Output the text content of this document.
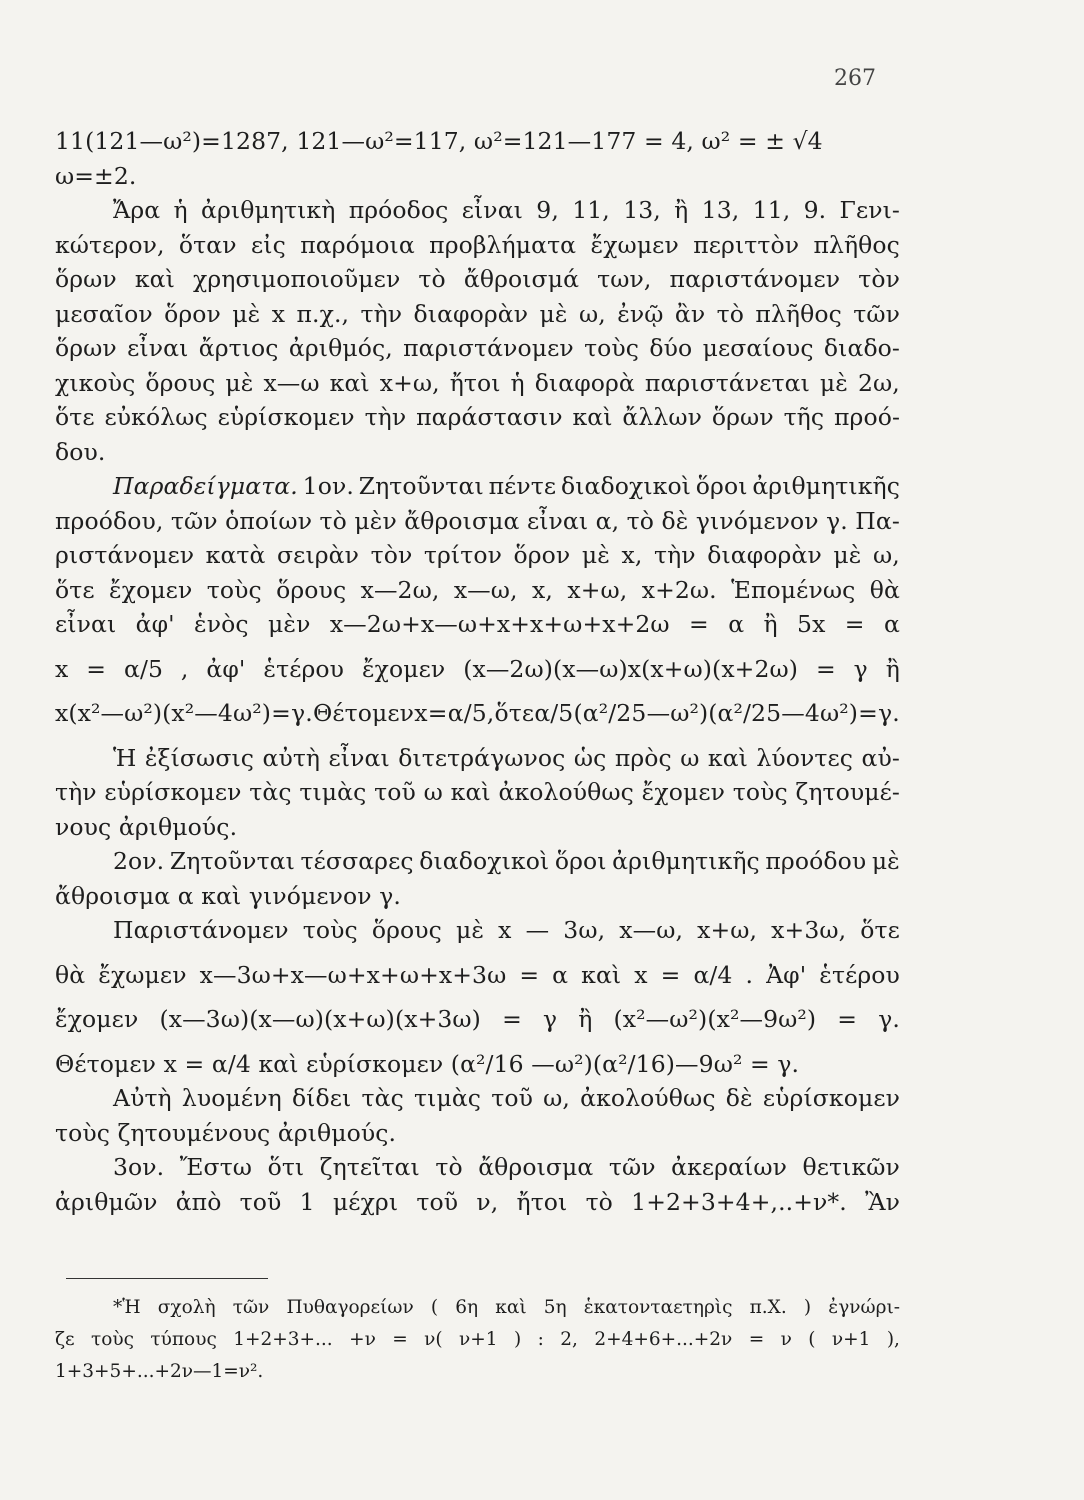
267
11(121—ω²)=1287, 121—ω²=117, ω²=121—177 = 4, ω² = ± √4
ω=±2.
Ἄρα ἡ ἀριθμητικὴ πρόοδος εἶναι 9, 11, 13, ἢ 13, 11, 9. Γενι-
κώτερον, ὅταν εἰς παρόμοια προβλήματα ἔχωμεν περιττὸν πλῆθος
ὅρων καὶ χρησιμοποιοῦμεν τὸ ἄθροισμά των, παριστάνομεν τὸν
μεσαῖον ὅρον μὲ x π.χ., τὴν διαφορὰν μὲ ω, ἐνῷ ἂν τὸ πλῆθος τῶν
ὅρων εἶναι ἄρτιος ἀριθμός, παριστάνομεν τοὺς δύο μεσαίους διαδο-
χικοὺς ὅρους μὲ x—ω καὶ x+ω, ἤτοι ἡ διαφορὰ παριστάνεται μὲ 2ω,
ὅτε εὐκόλως εὑρίσκομεν τὴν παράστασιν καὶ ἄλλων ὅρων τῆς προό-
δου.
Παραδείγματα. 1ον. Ζητοῦνται πέντε διαδοχικοὶ ὅροι ἀριθμητικῆς
προόδου, τῶν ὁποίων τὸ μὲν ἄθροισμα εἶναι α, τὸ δὲ γινόμενον γ. Πα-
ριστάνομεν κατὰ σειρὰν τὸν τρίτον ὅρον μὲ x, τὴν διαφορὰν μὲ ω,
ὅτε ἔχομεν τοὺς ὅρους x—2ω, x—ω, x, x+ω, x+2ω. Ἑπομένως θὰ
εἶναι ἀφ' ἑνὸς μὲν x—2ω+x—ω+x+x+ω+x+2ω = α ἢ 5x = α
x = α/5 , ἀφ' ἑτέρου ἔχομεν (x—2ω)(x—ω)x(x+ω)(x+2ω) = γ ἢ
x(x²—ω²)(x²—4ω²) = γ. Θέτομεν x = α/5, ὅτε α/5 (α²/25 —ω²)(α²/25 —4ω²) = γ.
Ἡ ἐξίσωσις αὐτὴ εἶναι διτετράγωνος ὡς πρὸς ω καὶ λύοντες αὐ-
τὴν εὑρίσκομεν τὰς τιμὰς τοῦ ω καὶ ἀκολούθως ἔχομεν τοὺς ζητουμέ-
νους ἀριθμούς.
2ον. Ζητοῦνται τέσσαρες διαδοχικοὶ ὅροι ἀριθμητικῆς προόδου μὲ
ἄθροισμα α καὶ γινόμενον γ.
Παριστάνομεν τοὺς ὅρους μὲ x — 3ω, x—ω, x+ω, x+3ω, ὅτε
θὰ ἔχωμεν x—3ω+x—ω+x+ω+x+3ω = α καὶ x = α/4 . Ἀφ' ἑτέρου
ἔχομεν (x—3ω)(x—ω)(x+ω)(x+3ω) = γ ἢ (x²—ω²)(x²—9ω²) = γ.
Θέτομεν x = α/4 καὶ εὑρίσκομεν (α²/16 —ω²)(α²/16)—9ω² = γ.
Αὐτὴ λυομένη δίδει τὰς τιμὰς τοῦ ω, ἀκολούθως δὲ εὑρίσκομεν
τοὺς ζητουμένους ἀριθμούς.
3ον. Ἔστω ὅτι ζητεῖται τὸ ἄθροισμα τῶν ἀκεραίων θετικῶν
ἀριθμῶν ἀπὸ τοῦ 1 μέχρι τοῦ ν, ἤτοι τὸ 1+2+3+4+,..+ν*. Ἂν
*Ἡ σχολὴ τῶν Πυθαγορείων ( 6η καὶ 5η ἑκατονταετηρὶς π.Χ. ) ἐγνώρι-
ζε τοὺς τύπους 1+2+3+... +ν = ν( ν+1 ) : 2, 2+4+6+...+2ν = ν ( ν+1 ),
1+3+5+...+2ν—1=ν².
